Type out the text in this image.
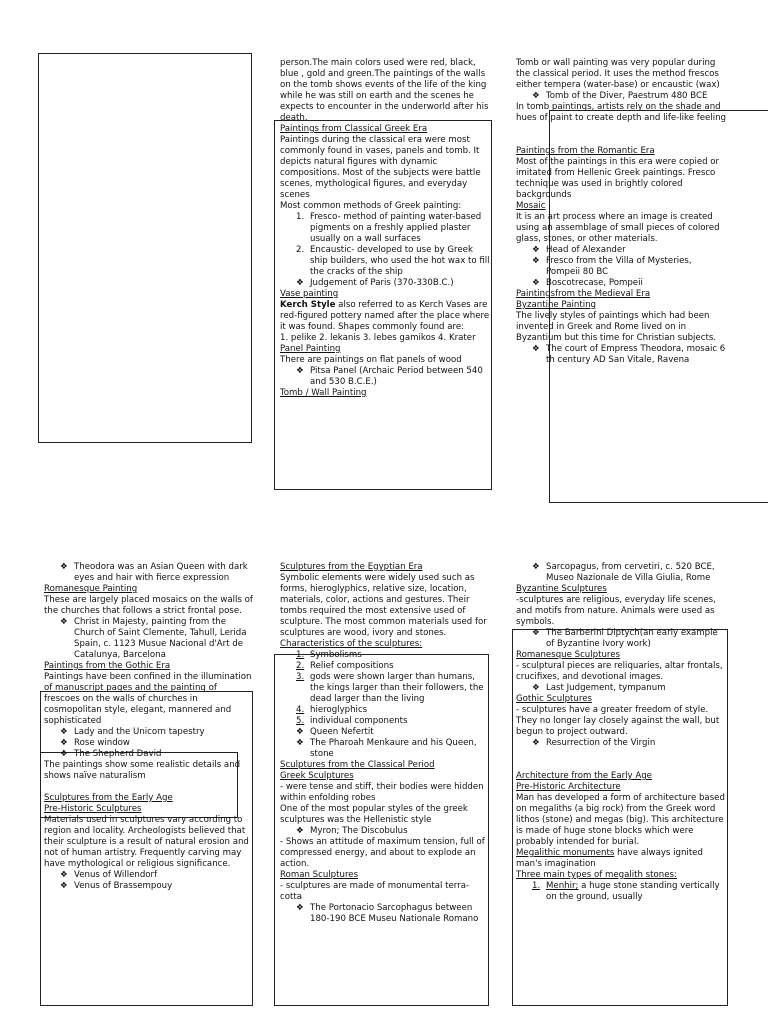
person.The main colors used were red, black, blue , gold and green.The paintings of the walls on the tomb shows events of the life of the king while he was still on earth and the scenes he expects to encounter in the underworld after his death.

Paintings from Classical Greek Era

Paintings during the classical era were most commonly found in vases, panels and tomb. It depicts natural figures with dynamic compositions. Most of the subjects were battle scenes, mythological figures, and everyday scenes

Most common methods of Greek painting:

1. Fresco- method of painting water-based pigments on a freshly applied plaster usually on a wall surfaces
2. Encaustic- developed to use by Greek ship builders, who used the hot wax to fill the cracks of the ship
❖ Judgement of Paris (370-330B.C.)

Vase painting

Kerch Style also referred to as Kerch Vases are red-figured pottery named after the place where it was found. Shapes commonly found are:

1. pelike 2. lekanis 3. lebes gamikos 4. Krater

Panel Painting

There are paintings on flat panels of wood

❖ Pitsa Panel (Archaic Period between 540 and 530 B.C.E.)

Tomb / Wall Painting

Tomb or wall painting was very popular during the classical period. It uses the method frescos either tempera (water-base) or encaustic (wax)

❖ Tomb of the Diver, Paestrum 480 BCE

In tomb paintings, artists rely on the shade and hues of paint to create depth and life-like feeling

Paintings from the Romantic Era

Most of the paintings in this era were copied or imitated from Hellenic Greek paintings. Fresco technique was used in brightly colored backgrounds

Mosaic

It is an art process where an image is created using an assemblage of small pieces of colored glass, stones, or other materials.

❖ Head of Alexander
❖ Fresco from the Villa of Mysteries, Pompeii 80 BC
❖ Boscotrecase, Pompeii

Paintingsfrom the Medieval Era

Byzantine Painting

The lively styles of paintings which had been invented in Greek and Rome lived on in Byzantium but this time for Christian subjects.

❖ The court of Empress Theodora, mosaic 6 th century AD San Vitale, Ravena
❖ Theodora was an Asian Queen with dark eyes and hair with fierce expression

Romanesque Painting

These are largely placed mosaics on the walls of the churches that follows a strict frontal pose.

❖ Christ in Majesty, painting from the Church of Saint Clemente, Tahull, Lerida Spain, c. 1123 Musue Nacional d'Art de Catalunya, Barcelona

Paintings from the Gothic Era

Paintings have been confined in the illumination of manuscript pages and the painting of frescoes on the walls of churches in cosmopolitan style, elegant, mannered and sophisticated

❖ Lady and the Unicorn tapestry
❖ Rose window
❖ The Shepherd David

The paintings show some realistic details and shows naïve naturalism

Sculptures from the Early Age

Pre-Historic Sculptures

Materials used in sculptures vary according to region and locality. Archeologists believed that their sculpture is a result of natural erosion and not of human artistry. Frequently carving may have mythological or religious significance.

❖ Venus of Willendorf
❖ Venus of Brassempouy

Sculptures from the Egyptian Era

Symbolic elements were widely used such as forms, hieroglyphics, relative size, location, materials, color, actions and gestures. Their tombs required the most extensive used of sculpture. The most common materials used for sculptures are wood, ivory and stones.

Characteristics of the sculptures:

1. Symbolisms
2. Relief compositions
3. gods were shown larger than humans, the kings larger than their followers, the dead larger than the living
4. hieroglyphics
5. individual components
❖ Queen Nefertit
❖ The Pharoah Menkaure and his Queen, stone

Sculptures from the Classical Period

Greek Sculptures

- were tense and stiff, their bodies were hidden within enfolding robes

One of the most popular styles of the greek sculptures was the Hellenistic style

❖ Myron; The Discobulus

- Shows an attitude of maximum tension, full of compressed energy, and about to explode an action.

Roman Sculptures

- sculptures are made of monumental terra-cotta

❖ The Portonacio Sarcophagus between 180-190 BCE Museu Nationale Romano
❖ Sarcopagus, from cervetiri, c. 520 BCE, Museo Nazionale de Villa Giulia, Rome

Byzantine Sculptures

-sculptures are religious, everyday life scenes, and motifs from nature. Animals were used as symbols.

❖ The Barberini Diptych(an early example of Byzantine Ivory work)

Romanesque Sculptures

- sculptural pieces are reliquaries, altar frontals, crucifixes, and devotional images.

❖ Last Judgement, tympanum

Gothic Sculptures

- sculptures have a greater freedom of style. They no longer lay closely against the wall, but begun to project outward.

❖ Resurrection of the Virgin

Architecture from the Early Age

Pre-Historic Architecture

Man has developed a form of architecture based on megaliths (a big rock) from the Greek word lithos (stone) and megas (big). This architecture is made of huge stone blocks which were probably intended for burial.

Megalithic monuments have always ignited man's imagination

Three main types of megalith stones:

1. Menhir; a huge stone standing vertically on the ground, usually
